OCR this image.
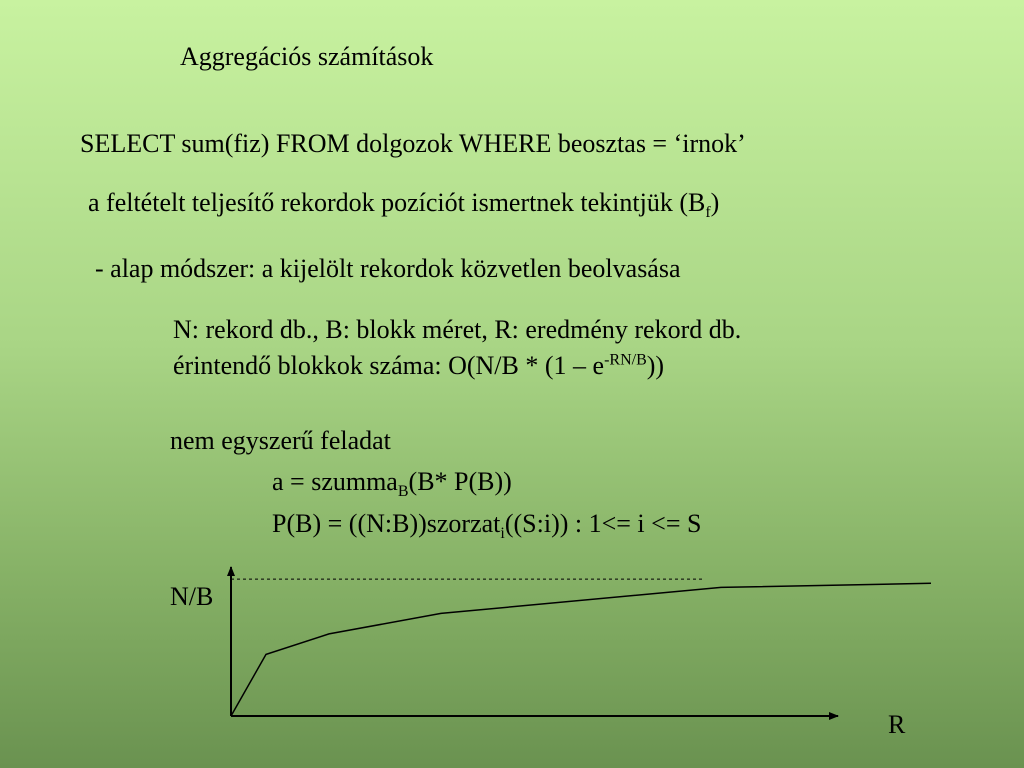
Aggregációs számítások
SELECT sum(fiz) FROM dolgozok WHERE beosztas = ‘irnok’
a feltételt teljesítő rekordok pozíciót ismertnek tekintjük $(B_f)$
- alap módszer: a kijelölt rekordok közvetlen beolvasása
N: rekord db., B: blokk méret, R: eredmény rekord db.
érintendő blokkok száma: $O(N/B * (1 - e^{-RN/B}))$
nem egyszerű feladat
a = szumma$_B$(B* P(B))
P(B) = ((N:B))szorzat$_i$((S:i)) : 1<= i <= S
N/B
R
